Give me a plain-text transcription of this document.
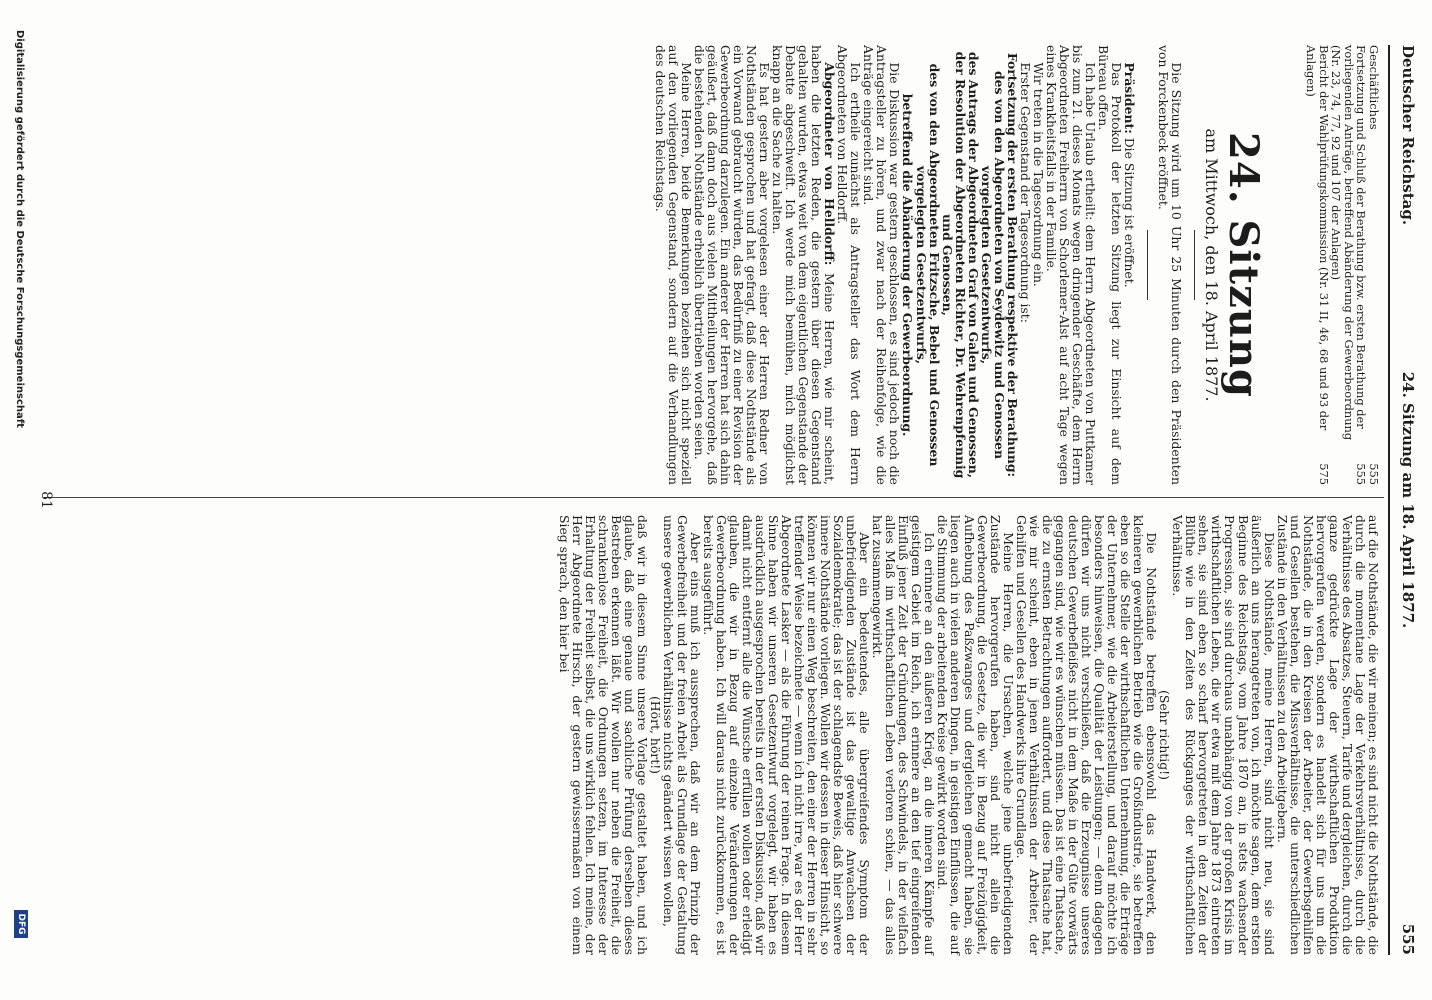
Deutscher Reichstag.
24. Sitzung am 18. April 1877.
555
Geschäftliches
555
Fortsetzung und Schluß der Berathung bzw. ersten Berathung der vorliegenden Anträge, betreffend Abänderung der Gewerbeordnung (Nr. 23, 74, 77, 92 und 107 der Anlagen)
555
Bericht der Wahlprüfungskommission (Nr. 31 II, 46, 68 und 93 der Anlagen)
575
24. Sitzung
am Mittwoch, den 18. April 1877.

Die Sitzung wird um 10 Uhr 25 Minuten durch den Präsidenten von Forckenbeck eröffnet.

Präsident: Die Sitzung ist eröffnet.

Das Protokoll der letzten Sitzung liegt zur Einsicht auf dem Büreau offen.

Ich habe Urlaub ertheilt: dem Herrn Abgeordneten von Puttkamer bis zum 21. dieses Monats wegen dringender Geschäfte, dem Herrn Abgeordneten Freiherrn von Schorlemer-Alst auf acht Tage wegen eines Krankheitsfalls in der Familie.

Wir treten in die Tagesordnung ein.

Erster Gegenstand der Tagesordnung ist:

Fortsetzung der ersten Berathung respektive der Berathung:

des von den Abgeordneten von Seydewitz und Genossen vorgelegten Gesetzentwurfs,

des Antrags der Abgeordneten Graf von Galen und Genossen,

der Resolution der Abgeordneten Richter, Dr. Wehrenpfennig und Genossen,

des von den Abgeordneten Fritzsche, Bebel und Genossen vorgelegten Gesetzentwurfs,

betreffend die Abänderung der Gewerbeordnung.

Die Diskussion war gestern geschlossen, es sind jedoch noch die Antragsteller zu hören, und zwar nach der Reihenfolge, wie die Anträge eingereicht sind.

Ich ertheile zunächst als Antragsteller das Wort dem Herrn Abgeordneten von Helldorff.

Abgeordneter von Helldorff: Meine Herren, wie mir scheint, haben die letzten Reden, die gestern über diesen Gegenstand gehalten wurden, etwas weit von dem eigentlichen Gegenstande der Debatte abgeschweift. Ich werde mich bemühen, mich möglichst knapp an die Sache zu halten.

Es hat gestern aber vorgelesen einer der Herren Redner von Nothständen gesprochen und hat gefragt, daß diese Nothstände als ein Vorwand gebraucht würden, das Bedürfniß zu einer Revision der Gewerbeordnung darzulegen. Ein anderer der Herren hat sich dahin geäußert, daß dann doch aus vielen Mittheilungen hervorgehe, daß die bestehenden Nothstände erheblich übertrieben worden seien.

Meine Herren, beide Bemerkungen beziehen sich nicht speziell auf den vorliegenden Gegenstand, sondern auf die Verhandlungen des deutschen Reichstags.

auf die Nothstände, die wir meinen; es sind nicht die Nothstände, die durch die momentane Lage der Verkehrsverhältnisse, durch die Verhältnisse des Absatzes, Steuern, Tarife und dergleichen, durch die ganze gedrückte Lage der wirthschaftlichen Produktion hervorgerufen werden, sondern es handelt sich für uns um die Nothstände, die in den Kreisen der Arbeiter, der Gewerbsgehilfen und Gesellen bestehen, die Missverhältnisse, die unterschiedlichen Zustände in den Verhältnissen zu den Arbeitgebern.

Diese Nothstände, meine Herren, sind nicht neu, sie sind äußerlich an uns herangetreten von, ich möchte sagen, dem ersten Beginne des Reichstags, vom Jahre 1870 an, in stets wachsender Progression, sie sind durchaus unabhängig von der großen Krisis im wirthschaftlichen Leben, die wir etwa mit dem Jahre 1873 eintreten sehen, sie sind eben so scharf hervorgetreten in den Zeiten der Blüthe wie in den Zeiten des Rückganges der wirthschaftlichen Verhältnisse.

(Sehr richtig!)

Die Nothstände betreffen ebensowohl das Handwerk, den kleineren gewerblichen Betrieb wie die Großindustrie, sie betreffen eben so die Stelle der wirthschaftlichen Unternehmung, die Erträge der Unternehmer, wie die Arbeiterstellung, und darauf möchte ich besonders hinweisen, die Qualität der Leistungen; — denn dagegen dürfen wir uns nicht verschließen, daß die Erzeugnisse unseres deutschen Gewerbefleißes nicht in dem Maße in der Güte vorwärts gegangen sind, wie wir es wünschen müssen. Das ist eine Thatsache, die zu ernsten Betrachtungen auffordert, und diese Thatsache hat, wie mir scheint, eben in jenen Verhältnissen der Arbeiter, der Gehilfen und Gesellen des Handwerks ihre Grundlage.

Meine Herren, die Ursachen, welche jene unbefriedigenden Zustände hervorgerufen haben, sind nicht allein die Gewerbeordnung, die Gesetze, die wir in Bezug auf Freizügigkeit, Aufhebung des Paßzwanges und dergleichen gemacht haben, sie liegen auch in vielen anderen Dingen, in geistigen Einflüssen, die auf die Stimmung der arbeitenden Kreise gewirkt worden sind.

Ich erinnere an den äußeren Krieg, an die inneren Kämpfe auf geistigem Gebiet im Reich, ich erinnere an den tief eingreifenden Einfluß jener Zeit der Gründungen, des Schwindels, in der vielfach alles Maß im wirthschaftlichen Leben verloren schien, — das alles hat zusammengewirkt.

Aber ein bedeutendes, alle übergreifendes Symptom der unbefriedigenden Zustände ist das gewaltige Anwachsen der Sozialdemokratie; das ist der schlagendste Beweis, daß hier schwere innere Nothstände vorliegen. Wollen wir dessen in dieser Hinsicht, so können wir nur einen Weg beschreiten, den einer der Herren in sehr treffender Weise bezeichnete — wenn ich nicht irre, war es der Herr Abgeordnete Lasker — als die Führung der reinen Frage. In diesem Sinne haben wir unseren Gesetzentwurf vorgelegt, wir haben es ausdrücklich ausgesprochen bereits in der ersten Diskussion, daß wir damit nicht entfernt alle die Wünsche erfüllen wollen oder erledigt glauben, die wir in Bezug auf einzelne Veränderungen der Gewerbeordnung haben. Ich will daraus nicht zurückkommen, es ist bereits ausgeführt.

Aber eins muß ich aussprechen, daß wir an dem Prinzip der Gewerbefreiheit und der freien Arbeit als Grundlage der Gestaltung unsere gewerblichen Verhältnisse nichts geändert wissen wollen,

(Hört, hört!)

daß wir in diesem Sinne unsere Vorlage gestaltet haben, und ich glaube, daß eine genaue und sachliche Prüfung derselben dieses Bestreben erkennen läßt. Wir wollen nur neben die Freiheit, die schrankenlose Freiheit, die Ordnungen setzen, im Interesse der Erhaltung der Freiheit selbst, die uns wirklich fehlen. Ich meine, der Herr Abgeordnete Hirsch, der gestern gewissermaßen von einem Sieg sprach, den hier bei

81
Digitalisierung gefördert durch die Deutsche Forschungsgemeinschaft
DFG
